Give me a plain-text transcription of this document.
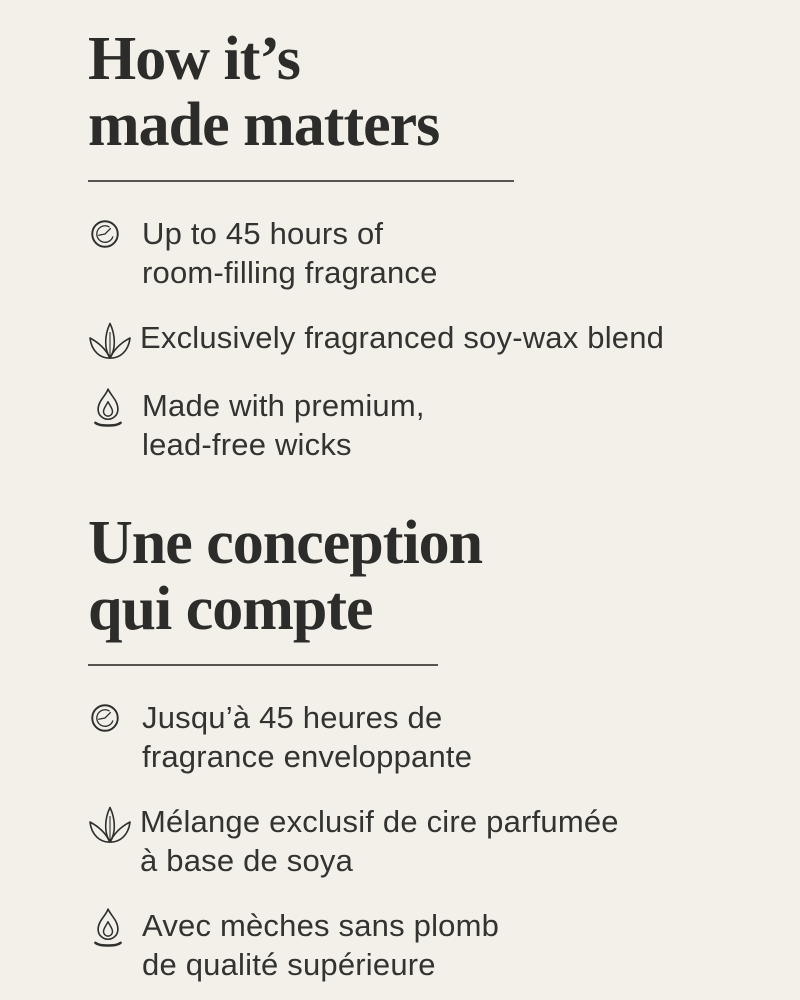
How it’s
made matters
Up to 45 hours of
room-filling fragrance
Exclusively fragranced soy-wax blend
Made with premium,
lead-free wicks
Une conception
qui compte
Jusqu’à 45 heures de
fragrance enveloppante
Mélange exclusif de cire parfumée
à base de soya
Avec mèches sans plomb
de qualité supérieure
